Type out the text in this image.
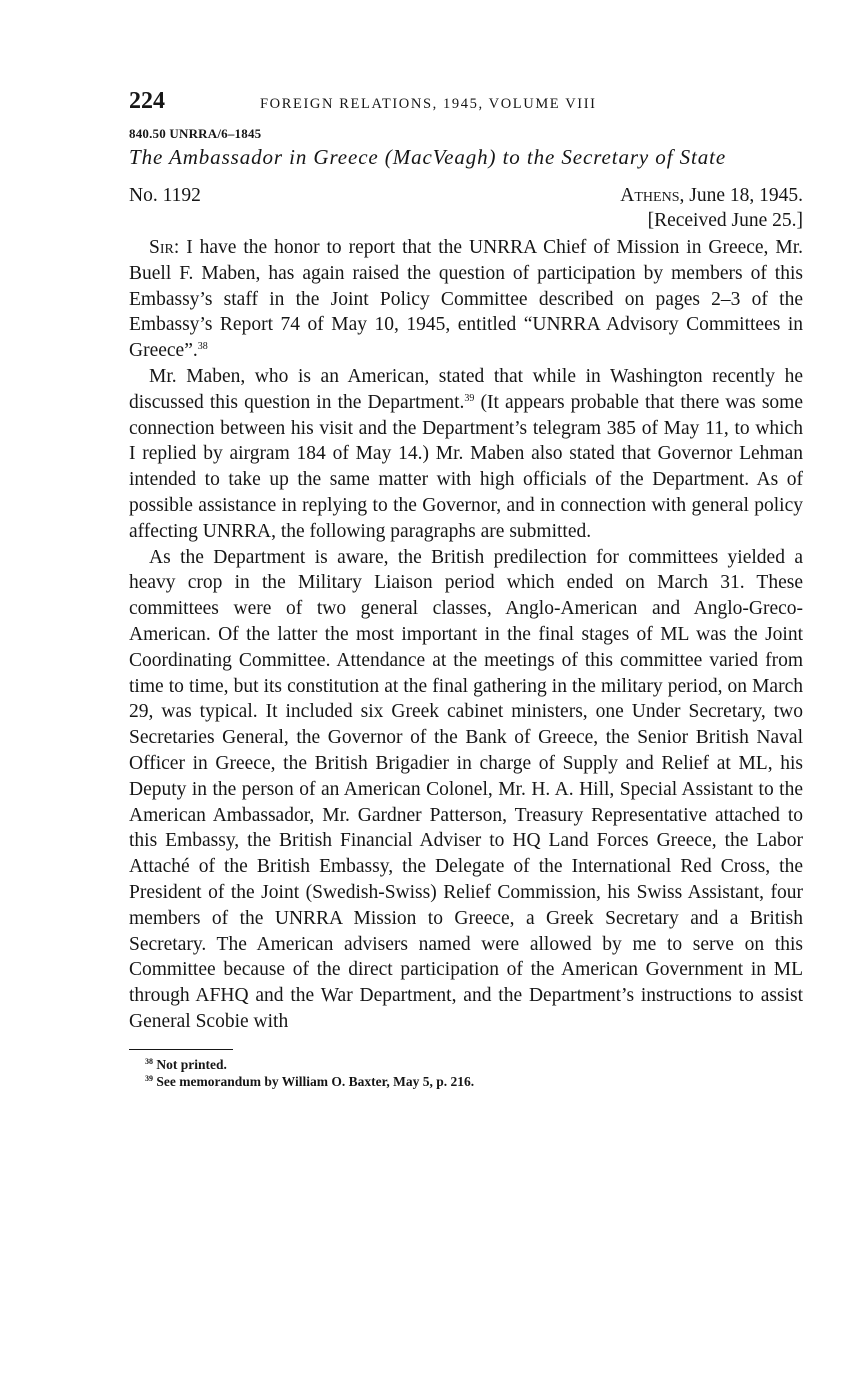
224	FOREIGN RELATIONS, 1945, VOLUME VIII
840.50 UNRRA/6–1845
The Ambassador in Greece (MacVeagh) to the Secretary of State
No. 1192	Athens, June 18, 1945.
[Received June 25.]

Sir: I have the honor to report that the UNRRA Chief of Mission in Greece, Mr. Buell F. Maben, has again raised the question of participation by members of this Embassy’s staff in the Joint Policy Committee described on pages 2–3 of the Embassy’s Report 74 of May 10, 1945, entitled “UNRRA Advisory Committees in Greece”.$^{38}$

Mr. Maben, who is an American, stated that while in Washington recently he discussed this question in the Department.$^{39}$ (It appears probable that there was some connection between his visit and the Department’s telegram 385 of May 11, to which I replied by airgram 184 of May 14.) Mr. Maben also stated that Governor Lehman intended to take up the same matter with high officials of the Department. As of possible assistance in replying to the Governor, and in connection with general policy affecting UNRRA, the following paragraphs are submitted.

As the Department is aware, the British predilection for committees yielded a heavy crop in the Military Liaison period which ended on March 31. These committees were of two general classes, Anglo-American and Anglo-Greco-American. Of the latter the most important in the final stages of ML was the Joint Coordinating Committee. Attendance at the meetings of this committee varied from time to time, but its constitution at the final gathering in the military period, on March 29, was typical. It included six Greek cabinet ministers, one Under Secretary, two Secretaries General, the Governor of the Bank of Greece, the Senior British Naval Officer in Greece, the British Brigadier in charge of Supply and Relief at ML, his Deputy in the person of an American Colonel, Mr. H. A. Hill, Special Assistant to the American Ambassador, Mr. Gardner Patterson, Treasury Representative attached to this Embassy, the British Financial Adviser to HQ Land Forces Greece, the Labor Attaché of the British Embassy, the Delegate of the International Red Cross, the President of the Joint (Swedish-Swiss) Relief Commission, his Swiss Assistant, four members of the UNRRA Mission to Greece, a Greek Secretary and a British Secretary. The American advisers named were allowed by me to serve on this Committee because of the direct participation of the American Government in ML through AFHQ and the War Department, and the Department’s instructions to assist General Scobie with

$^{38}$ Not printed.
$^{39}$ See memorandum by William O. Baxter, May 5, p. 216.
